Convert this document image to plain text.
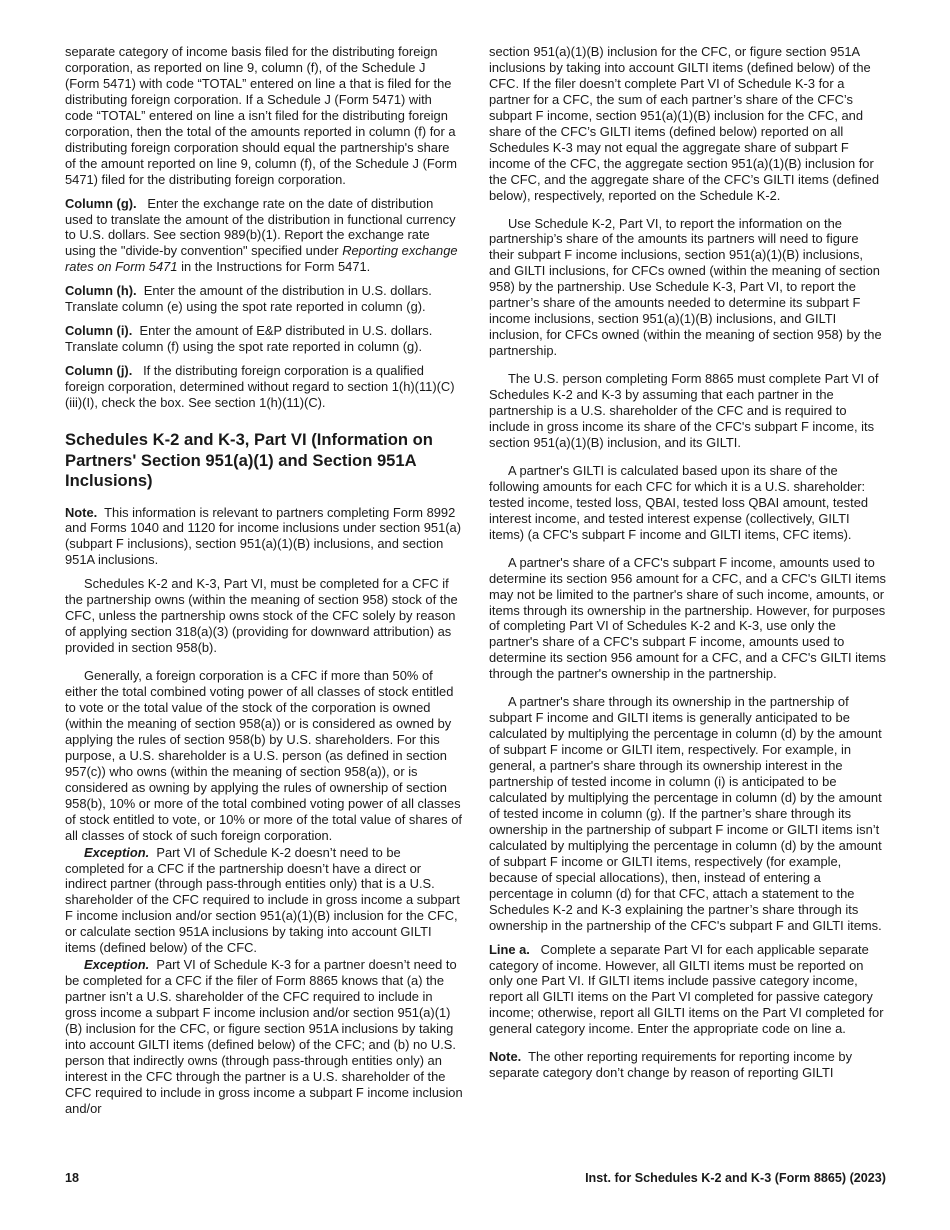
separate category of income basis filed for the distributing foreign corporation, as reported on line 9, column (f), of the Schedule J (Form 5471) with code “TOTAL” entered on line a that is filed for the distributing foreign corporation. If a Schedule J (Form 5471) with code “TOTAL” entered on line a isn’t filed for the distributing foreign corporation, then the total of the amounts reported in column (f) for a distributing foreign corporation should equal the partnership's share of the amount reported on line 9, column (f), of the Schedule J (Form 5471) filed for the distributing foreign corporation.

Column (g). Enter the exchange rate on the date of distribution used to translate the amount of the distribution in functional currency to U.S. dollars. See section 989(b)(1). Report the exchange rate using the "divide-by convention" specified under Reporting exchange rates on Form 5471 in the Instructions for Form 5471.

Column (h). Enter the amount of the distribution in U.S. dollars. Translate column (e) using the spot rate reported in column (g).

Column (i). Enter the amount of E&P distributed in U.S. dollars. Translate column (f) using the spot rate reported in column (g).

Column (j). If the distributing foreign corporation is a qualified foreign corporation, determined without regard to section 1(h)(11)(C)(iii)(I), check the box. See section 1(h)(11)(C).

Schedules K-2 and K-3, Part VI (Information on Partners' Section 951(a)(1) and Section 951A Inclusions)

Note. This information is relevant to partners completing Form 8992 and Forms 1040 and 1120 for income inclusions under section 951(a) (subpart F inclusions), section 951(a)(1)(B) inclusions, and section 951A inclusions.

Schedules K-2 and K-3, Part VI, must be completed for a CFC if the partnership owns (within the meaning of section 958) stock of the CFC, unless the partnership owns stock of the CFC solely by reason of applying section 318(a)(3) (providing for downward attribution) as provided in section 958(b).

Generally, a foreign corporation is a CFC if more than 50% of either the total combined voting power of all classes of stock entitled to vote or the total value of the stock of the corporation is owned (within the meaning of section 958(a)) or is considered as owned by applying the rules of section 958(b) by U.S. shareholders. For this purpose, a U.S. shareholder is a U.S. person (as defined in section 957(c)) who owns (within the meaning of section 958(a)), or is considered as owning by applying the rules of ownership of section 958(b), 10% or more of the total combined voting power of all classes of stock entitled to vote, or 10% or more of the total value of shares of all classes of stock of such foreign corporation.

Exception. Part VI of Schedule K-2 doesn’t need to be completed for a CFC if the partnership doesn’t have a direct or indirect partner (through pass-through entities only) that is a U.S. shareholder of the CFC required to include in gross income a subpart F income inclusion and/or section 951(a)(1)(B) inclusion for the CFC, or calculate section 951A inclusions by taking into account GILTI items (defined below) of the CFC.

Exception. Part VI of Schedule K-3 for a partner doesn’t need to be completed for a CFC if the filer of Form 8865 knows that (a) the partner isn’t a U.S. shareholder of the CFC required to include in gross income a subpart F income inclusion and/or section 951(a)(1)(B) inclusion for the CFC, or figure section 951A inclusions by taking into account GILTI items (defined below) of the CFC; and (b) no U.S. person that indirectly owns (through pass-through entities only) an interest in the CFC through the partner is a U.S. shareholder of the CFC required to include in gross income a subpart F income inclusion and/or

section 951(a)(1)(B) inclusion for the CFC, or figure section 951A inclusions by taking into account GILTI items (defined below) of the CFC. If the filer doesn’t complete Part VI of Schedule K-3 for a partner for a CFC, the sum of each partner’s share of the CFC’s subpart F income, section 951(a)(1)(B) inclusion for the CFC, and share of the CFC’s GILTI items (defined below) reported on all Schedules K-3 may not equal the aggregate share of subpart F income of the CFC, the aggregate section 951(a)(1)(B) inclusion for the CFC, and the aggregate share of the CFC’s GILTI items (defined below), respectively, reported on the Schedule K-2.

Use Schedule K-2, Part VI, to report the information on the partnership’s share of the amounts its partners will need to figure their subpart F income inclusions, section 951(a)(1)(B) inclusions, and GILTI inclusions, for CFCs owned (within the meaning of section 958) by the partnership. Use Schedule K-3, Part VI, to report the partner’s share of the amounts needed to determine its subpart F income inclusions, section 951(a)(1)(B) inclusions, and GILTI inclusion, for CFCs owned (within the meaning of section 958) by the partnership.

The U.S. person completing Form 8865 must complete Part VI of Schedules K-2 and K-3 by assuming that each partner in the partnership is a U.S. shareholder of the CFC and is required to include in gross income its share of the CFC's subpart F income, its section 951(a)(1)(B) inclusion, and its GILTI.

A partner's GILTI is calculated based upon its share of the following amounts for each CFC for which it is a U.S. shareholder: tested income, tested loss, QBAI, tested loss QBAI amount, tested interest income, and tested interest expense (collectively, GILTI items) (a CFC's subpart F income and GILTI items, CFC items).

A partner's share of a CFC's subpart F income, amounts used to determine its section 956 amount for a CFC, and a CFC's GILTI items may not be limited to the partner's share of such income, amounts, or items through its ownership in the partnership. However, for purposes of completing Part VI of Schedules K-2 and K-3, use only the partner's share of a CFC's subpart F income, amounts used to determine its section 956 amount for a CFC, and a CFC's GILTI items through the partner's ownership in the partnership.

A partner's share through its ownership in the partnership of subpart F income and GILTI items is generally anticipated to be calculated by multiplying the percentage in column (d) by the amount of subpart F income or GILTI item, respectively. For example, in general, a partner's share through its ownership interest in the partnership of tested income in column (i) is anticipated to be calculated by multiplying the percentage in column (d) by the amount of tested income in column (g). If the partner’s share through its ownership in the partnership of subpart F income or GILTI items isn’t calculated by multiplying the percentage in column (d) by the amount of subpart F income or GILTI items, respectively (for example, because of special allocations), then, instead of entering a percentage in column (d) for that CFC, attach a statement to the Schedules K-2 and K-3 explaining the partner’s share through its ownership in the partnership of the CFC's subpart F and GILTI items.

Line a. Complete a separate Part VI for each applicable separate category of income. However, all GILTI items must be reported on only one Part VI. If GILTI items include passive category income, report all GILTI items on the Part VI completed for passive category income; otherwise, report all GILTI items on the Part VI completed for general category income. Enter the appropriate code on line a.

Note. The other reporting requirements for reporting income by separate category don’t change by reason of reporting GILTI

18	Inst. for Schedules K-2 and K-3 (Form 8865) (2023)
